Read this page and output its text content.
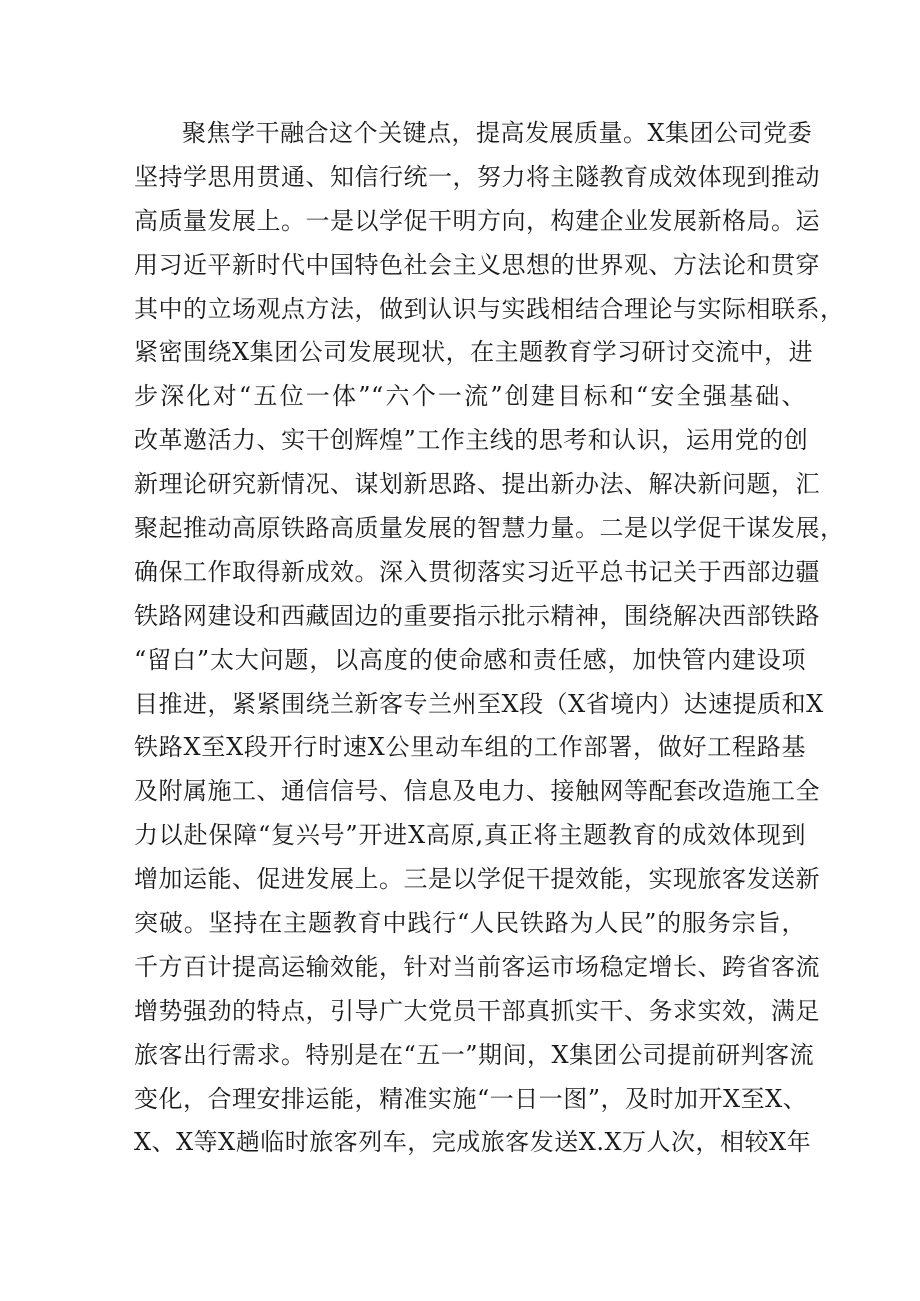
聚焦学干融合这个关键点，提高发展质量。X集团公司党委
坚持学思用贯通、知信行统一，努力将主隧教育成效体现到推动
高质量发展上。一是以学促干明方向，构建企业发展新格局。运
用习近平新时代中国特色社会主义思想的世界观、方法论和贯穿
其中的立场观点方法，做到认识与实践相结合理论与实际相联系，
紧密围绕X集团公司发展现状，在主题教育学习研讨交流中，进
步深化对“五位一体”“六个一流”创建目标和“安全强基础、
改革邀活力、实干创辉煌”工作主线的思考和认识，运用党的创
新理论研究新情况、谋划新思路、提出新办法、解决新问题，汇
聚起推动高原铁路高质量发展的智慧力量。二是以学促干谋发展，
确保工作取得新成效。深入贯彻落实习近平总书记关于西部边疆
铁路网建设和西藏固边的重要指示批示精神，围绕解决西部铁路
“留白”太大问题，以高度的使命感和责任感，加快管内建设项
目推进，紧紧围绕兰新客专兰州至X段（X省境内）达速提质和X
铁路X至X段开行时速X公里动车组的工作部署，做好工程路基
及附属施工、通信信号、信息及电力、接触网等配套改造施工全
力以赴保障“复兴号”开进X高原,真正将主题教育的成效体现到
增加运能、促进发展上。三是以学促干提效能，实现旅客发送新
突破。坚持在主题教育中践行“人民铁路为人民”的服务宗旨，
千方百计提高运输效能，针对当前客运市场稳定增长、跨省客流
增势强劲的特点，引导广大党员干部真抓实干、务求实效，满足
旅客出行需求。特别是在“五一”期间，X集团公司提前研判客流
变化，合理安排运能，精准实施“一日一图”，及时加开X至X、
X、X等X趟临时旅客列车，完成旅客发送X.X万人次，相较X年
